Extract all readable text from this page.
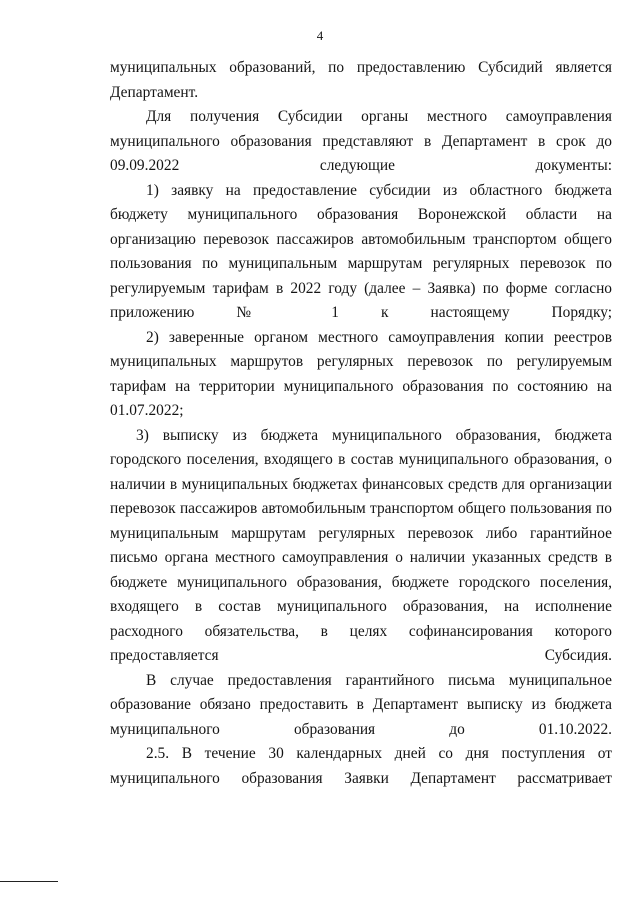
4

муниципальных образований, по предоставлению Субсидий является Департамент.

Для получения Субсидии органы местного самоуправления муниципального образования представляют в Департамент в срок до 09.09.2022 следующие документы:

1) заявку на предоставление субсидии из областного бюджета бюджету муниципального образования Воронежской области на организацию перевозок пассажиров автомобильным транспортом общего пользования по муниципальным маршрутам регулярных перевозок по регулируемым тарифам в 2022 году (далее – Заявка) по форме согласно приложению № 1 к настоящему Порядку;

2) заверенные органом местного самоуправления копии реестров муниципальных маршрутов регулярных перевозок по регулируемым тарифам на территории муниципального образования по состоянию на 01.07.2022;

3) выписку из бюджета муниципального образования, бюджета городского поселения, входящего в состав муниципального образования, о наличии в муниципальных бюджетах финансовых средств для организации перевозок пассажиров автомобильным транспортом общего пользования по муниципальным маршрутам регулярных перевозок либо гарантийное письмо органа местного самоуправления о наличии указанных средств в бюджете муниципального образования, бюджете городского поселения, входящего в состав муниципального образования, на исполнение расходного обязательства, в целях софинансирования которого предоставляется Субсидия.

В случае предоставления гарантийного письма муниципальное образование обязано предоставить в Департамент выписку из бюджета муниципального образования до 01.10.2022.

2.5. В течение 30 календарных дней со дня поступления от муниципального образования Заявки Департамент рассматривает
